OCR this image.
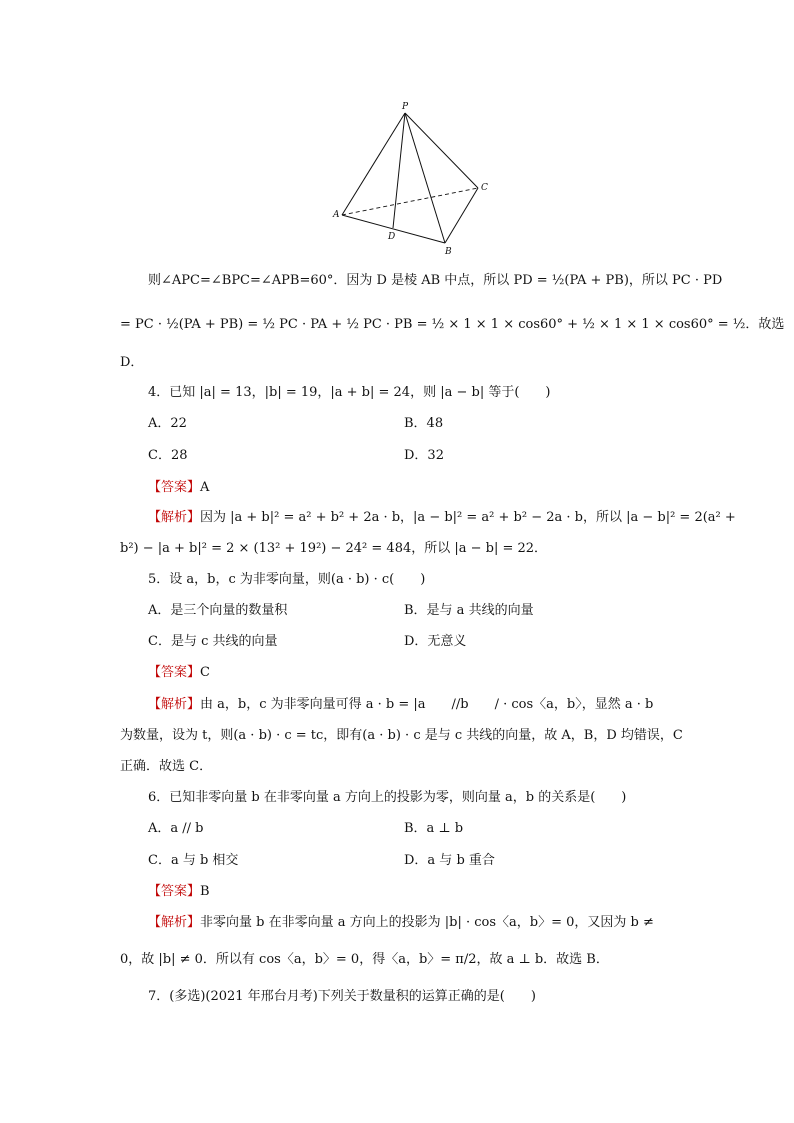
P
A
B
C
D
则∠APC=∠BPC=∠APB=60°．因为 D 是棱 AB 中点，所以 PD = ½(PA + PB)，所以 PC · PD
= PC · ½(PA + PB) = ½ PC · PA + ½ PC · PB = ½ × 1 × 1 × cos60° + ½ × 1 × 1 × cos60° = ½．故选
D．
4．已知 |a| = 13，|b| = 19，|a + b| = 24，则 |a − b| 等于(　　)
A．22	B．48
C．28	D．32
【答案】A
【解析】因为 |a + b|² = a² + b² + 2a · b，|a − b|² = a² + b² − 2a · b，所以 |a − b|² = 2(a² +
b²) − |a + b|² = 2 × (13² + 19²) − 24² = 484，所以 |a − b| = 22．
5．设 a，b，c 为非零向量，则(a · b) · c(　　)
A．是三个向量的数量积	B．是与 a 共线的向量
C．是与 c 共线的向量	D．无意义
【答案】C
【解析】由 a，b，c 为非零向量可得 a · b = |a　　//b　　/ · cos〈a，b〉，显然 a · b
为数量，设为 t，则(a · b) · c = tc，即有(a · b) · c 是与 c 共线的向量，故 A，B，D 均错误，C
正确．故选 C．
6．已知非零向量 b 在非零向量 a 方向上的投影为零，则向量 a，b 的关系是(　　)
A．a // b	B．a ⊥ b
C．a 与 b 相交	D．a 与 b 重合
【答案】B
【解析】非零向量 b 在非零向量 a 方向上的投影为 |b| · cos〈a，b〉= 0，又因为 b ≠
0，故 |b| ≠ 0．所以有 cos〈a，b〉= 0，得〈a，b〉= π/2，故 a ⊥ b．故选 B．
7．(多选)(2021 年邢台月考)下列关于数量积的运算正确的是(　　)
